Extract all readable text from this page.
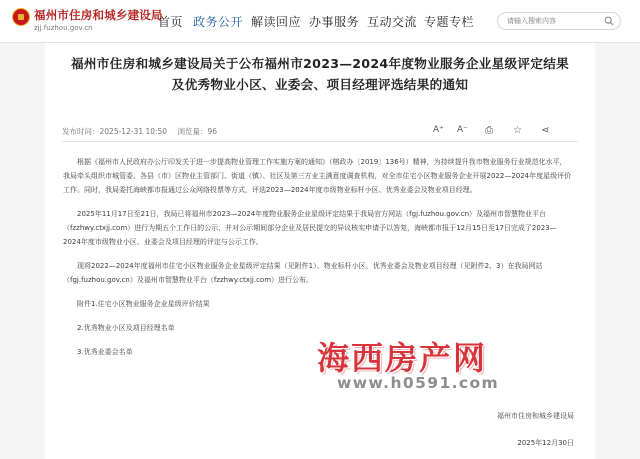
福州市住房和城乡建设局
zjj.fuzhou.gov.cn	首页 政务公开 解读回应 办事服务 互动交流 专题专栏
请输入搜索内容
福州市住房和城乡建设局关于公布福州市2023—2024年度物业服务企业星级评定结果
及优秀物业小区、业委会、项目经理评选结果的通知
发布时间：2025-12-31 10:50 浏览量：96	A⁺ A⁻ ⎙ ☆ ⋖

根据《福州市人民政府办公厅印发关于进一步提高物业管理工作实施方案的通知》（榕政办〔2019〕136号）精神，为持续提升我市物业服务行业规范化水平，我局牵头组织市城管委、各县（市）区物业主管部门、街道（镇）、社区及第三方业主满意度调查机构，对全市住宅小区物业服务企业开展2022—2024年度星级评价工作。同时，我局委托海峡都市报通过公众网络投票等方式，评选2023—2024年度市级物业标杆小区、优秀业委会及物业项目经理。

2025年11月17日至21日，我局已将福州市2023—2024年度物业服务企业星级评定结果于我局官方网站（fgj.fuzhou.gov.cn）及福州市智慧物业平台（fzzhwy.ctxjj.com）进行为期五个工作日的公示，并对公示期间部分企业及居民提交的异议核实申请予以答复，海峡都市报于12月15日至17日完成了2023—2024年度市级物业小区、业委会及项目经理的评定与公示工作。

现将2022—2024年度福州市住宅小区物业服务企业星级评定结果（见附件1）、物业标杆小区、优秀业委会及物业项目经理（见附件2、3）在我局网站（fgj.fuzhou.gov.cn）及福州市智慧物业平台（fzzhwy.ctxjj.com）进行公布。

附件1.住宅小区物业服务企业星级评价结果

2.优秀物业小区及项目经理名单

3.优秀业委会名单

福州市住房和城乡建设局
2025年12月30日
海西房产网
www.h0591.com
